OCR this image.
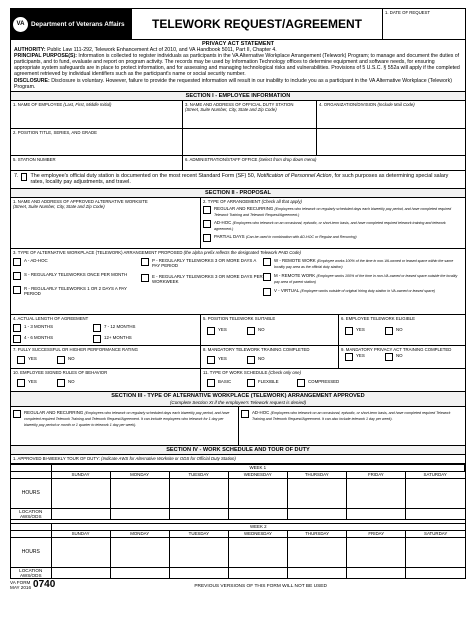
VA	Department of Veterans Affairs TELEWORK REQUEST/AGREEMENT
1. DATE OF REQUEST
PRIVACY ACT STATEMENT
AUTHORITY: Public Law 111-292, Telework Enhancement Act of 2010, and VA Handbook 5011, Part II, Chapter 4.
PRINCIPAL PURPOSE(S): Information is collected to register individuals as participants in the VA Alternative Workplace Arrangement (Telework) Program; to manage and document the duties of participants, and to fund, evaluate and report on program activity. The records may be used by Information Technology offices to determine equipment and software needs, for ensuring appropriate system safeguards are in place to protect information, and for assessing and managing technological risks and vulnerabilities. Provisions of 5 U.S.C. § 552a will apply if the completed agreement retrieved by individual identifiers such as the participant's name or social security number.
DISCLOSURE: Disclosure is voluntary. However, failure to provide the requested information will result in our inability to include you as a participant in the VA Alternative Workplace (Telework) Program.
SECTION I - EMPLOYEE INFORMATION
1. NAME OF EMPLOYEE (Last, First, Middle Initial)	3. NAME AND ADDRESS OF OFFICIAL DUTY STATION
(Street, Suite Number, City, State and Zip Code)
4. ORGANIZATION/DIVISION (Include Mail Code)
2. POSITION TITLE, SERIES, AND GRADE
5. STATION NUMBER	6. ADMINISTRATION/STAFF OFFICE (Select from drop down menu)
7. The employee's official duty station is documented on the most recent Standard Form (SF) 50, Notification of Personnel Action, for such purposes as determining special salary rates, locality pay adjustments, and travel.
SECTION II - PROPOSAL
1. NAME AND ADDRESS OF APPROVED ALTERNATIVE WORKSITE
(Street, Suite Number, City, State and Zip Code)
2. TYPE OF ARRANGEMENT (Check all that apply)
REGULAR AND RECURRING (Employees who telework on regularly scheduled days each biweekly pay period, and have completed required Telework Training and Telework Request/Agreement.)
AD-HOC (Employees who telework on an occasional, episodic, or short-term basis, and have completed required telework training and telework agreement.)
PARTIAL DAYS (Can be used in combination with AD-HOC or Regular and Recurring)
3. TYPE OF ALTERNATIVE WORKPLACE (TELEWORK) ARRANGEMENT PROPOSED (the alpha prefix reflects the designated Telework PAID Code)
A - AD-HOC
S - REGULARLY TELEWORKS ONCE PER MONTH
R - REGULARLY TELEWORKS 1 OR 2 DAYS A PAY PERIOD
P - REGULARLY TELEWORKS 3 OR MORE DAYS A PAY PERIOD
E - REGULARLY TELEWORKS 3 OR MORE DAYS PER WORKWEEK
W - REMOTE WORK (Employee works 100% of the time in non-VA-owned or leased space within the same locality pay area as the official duty station)
M - REMOTE WORK (Employee works 100% of the time in non-VA-owned or leased space outside the locality pay area of parent station)
V - VIRTUAL (Employee works outside of original hiring duty station in VA-owned or leased space)
4. ACTUAL LENGTH OF AGREEMENT
1 - 3 MONTHS	7 - 12 MONTHS
4 - 6 MONTHS	12+ MONTHS
5. POSITION TELEWORK SUITABLE
YES	NO
6. EMPLOYEE TELEWORK ELIGIBLE
YES	NO
7. FULLY SUCCESSFUL OR HIGHER PERFORMANCE RATING
YES	NO
8. MANDATORY TELEWORK TRAINING COMPLETED
YES	NO
9. MANDATORY PRIVACY ACT TRAINING COMPLETED
YES	NO
10. EMPLOYEE SIGNED RULES OF BEHAVIOR
YES	NO
11. TYPE OF WORK SCHEDULE (Check only one)
BASIC	FLEXIBLE	COMPRESSED
SECTION III - TYPE OF ALTERNATIVE WORKPLACE (TELEWORK) ARRANGEMENT APPROVED
(Complete Section XI if the employee's Telework request is denied)
REGULAR AND RECURRING (Employees who telework on regularly scheduled days each biweekly pay period, and have completed required Telework Training and Telework Request/Agreement. It can include employees who telework for 1 day per biweekly pay period or month or 1 quarter to telework 1 day per week).
AD-HOC (Employees who telework on an occasional, episodic, or short-term basis, and have completed required Telework Training and Telework Request/Agreement. It can also include telework 1 day per week).
SECTION IV - WORK SCHEDULE AND TOUR OF DUTY
1. APPROVED BI-WEEKLY TOUR OF DUTY: (Indicate AWS for Alternative Worksite or ODS for Official Duty Station)
	WEEK 1						
	SUNDAY	MONDAY	TUESDAY	WEDNESDAY	THURSDAY	FRIDAY	SATURDAY
HOURS							
LOCATION AWS/ODS							
	WEEK 2						
	SUNDAY	MONDAY	TUESDAY	WEDNESDAY	THURSDAY	FRIDAY	SATURDAY
HOURS							
LOCATION AWS/ODS							
VA FORM
MAY 2016 0740	PREVIOUS VERSIONS OF THIS FORM WILL NOT BE USED
